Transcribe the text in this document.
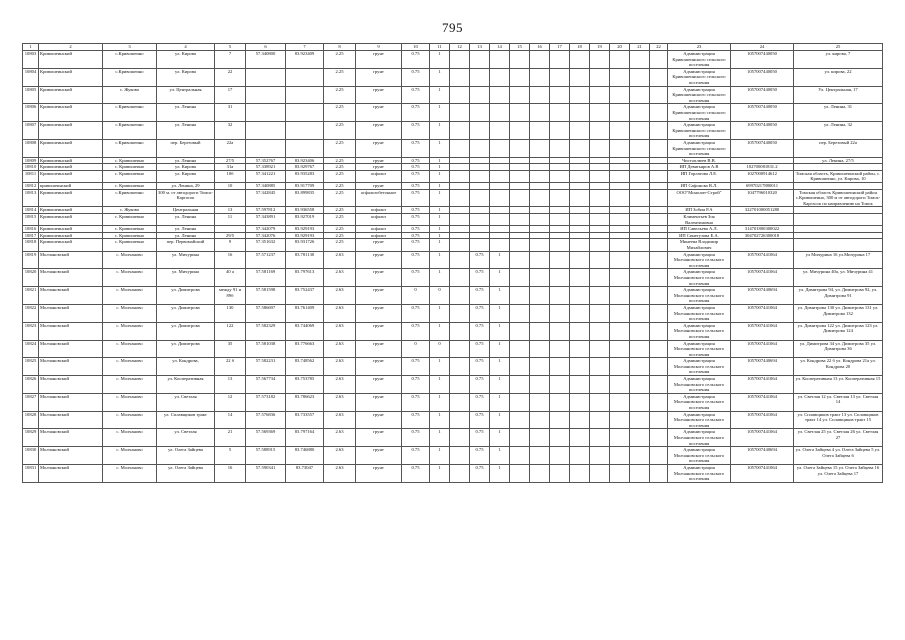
795
1	2	3	4	5	6	7	8	9	10	11	12	13	14	15	16	17	18	19	20	21	22	23	24	25
10803	Кривошеинский	с.Кривошеино	ул. Кирова	7	57.340800	83.923409	2.25	грунт	0.75	1												Администрация Кривошеинского сельского поселения	1057007440050	ул. кирова, 7
10804	Кривошеинский	с.Кривошеино	ул. Кирова	22			2.25	грунт	0.75	1												Администрация Кривошеинского сельского поселения	1057007440050	ул. кирова, 22
10805	Кривошеинский	с. Жуково	ул. Центральная	17			2.25	грунт	0.75	1												Администрация Кривошеинского сельского поселения	1057007440050	Ул. Центральная, 17
10806	Кривошеинский	с.Кривошеино	ул. Ленина	31			2.25	грунт	0.75	1												Администрация Кривошеинского сельского поселения	1057007440050	ул. Ленина, 31
10807	Кривошеинский	с.Кривошеино	ул. Ленина	32			2.25	грунт	0.75	1												Администрация Кривошеинского сельского поселения	1057007440050	ул. Ленина, 32
10808	Кривошеинский	с.Кривошеино	пер. Березовый	22а			2.25	грунт	0.75	1												Администрация Кривошеинского сельского поселения	1057007440050	пер. Березовый 22а
10809	Кривошеинский	с. Кривошеино	ул. Ленина	27/5	57.352767	83.923406	2.25	грунт	0.75	1												Чистоплюев В.В.		ул. Ленина, 27/5
10810	Кривошеинский	с. Кривошеино	ул. Кирова	31а	57.338921	83.929767	2.25	грунт	0.75	1												ИП Девятьяров А.В	102700081831.2	
10811	Кривошеинский	с. Кривошеино	ул. Кирова	10б	57.341221	83.935283	2.25	асфальт	0.75	1												ИП Горлатова Л.Е.	1027000914612	Томская область, Кривошеинский район, с. Кривошеино, ул. Кирова, 10
10812	кривошеинский	с. Кривошеино	ул. Ленина, 29	10	57.340885	83.917709	2.25	грунт	0.75	1												ИП Сафонова В.Л.	69970217880011	
10813	Кривошеинский	с.Кривошеино	300 м. от автодороги Томск-Каргасок		57.342845	83.899835	2.25	асфальтобетонное	0.75	1												ООО"Монолит-Строй"	1047796010320	Томская область Кривошеинский район с.Кривошеино, 300 м от автодороги Томск-Каргасок по направлению на Томск
10814	Кривошеинский	с. Жуково	Центральная	13	57.597812	83.936558	2.25	асфальт	0.75	1												ИП Зобин Р.А	322701000051280	
10815	Кривошеинский	с. Кривошеино	ул. Ленина	11	57.343891	83.927019	2.25	асфальт	0.75	1												Климентьев Зоя Валентиновна		
10816	Кривошеинский	с. Кривошеино	ул. Ленина		57.342079	83.929193	2.25	асфальт	0.75	1												ИП Савельева А.Л.	314701800300022	
10817	Кривошеинский	с. Кривошеино	ул. Ленина	29/5	57.342076	83.929193	2.25	асфальт	0.75	1												ИП Синегузова Е.А.	304702726300018	
10818	Кривошеинский	с. Кривошеино	пер. Первомайский	9	57.351632	83.931726	2.25	грунт	0.75	1												Минеева Владимир Михайлович		
10819	Молчановский	с. Молчаново	ул. Мичурина	16	57.571237	83.781130	2.63	грунт	0.75	1		0.75	1									Администрация Молчановского сельского поселения	1057007441064	ул Мичурина 16 ул.Мичурина 17
10820	Молчановский	с. Молчаново	ул. Мичурина	40 а	57.581169	83.797613	2.63	грунт	0.75	1		0.75	1									Администрация Молчановского сельского поселения	1057007441064	ул. Мичурина 40а, ул. Мичурина 41
10821	Молчановский	с. Молчаново	ул. Димитрова	между 91 и 89б	57.581598	83.752437	2.63	грунт	0	0		0.75	1									Администрация Молчановского сельского поселения	1057007440694	ул. Димитрова 94, ул. Димитрова 92, ул. Димитрова 91
10822	Молчановский	с. Молчаново	ул. Димитрова	130	57.586697	83.761409	2.63	грунт	0.75	1		0.75	1									Администрация Молчановского сельского поселения	1057007441064	ул. Димитрова 130 ул. Димитрова 131 ул. Димитрова 132
10823	Молчановский	с. Молчаново	ул. Димитрова	122	57.582329	83.744069	2.63	грунт	0.75	1		0.75	1									Администрация Молчановского сельского поселения	1057007441064	ул. Димитрова 122 ул. Димитрова 123 ул. Димитрова 124
10824	Молчановский	с. Молчаново	ул. Димитрова	35	57.581038	83.776663	2.63	грунт	0	0		0.75	1									Администрация Молчановского сельского поселения	1057007441064	ул. Димитрова 34 ул. Димитрова 35 ул. Димитрова 36
10825	Молчановский	с. Молчаново	ул. Кондрова,	22 б	57.582231	83.748562	2.63	грунт	0.75	1		0.75	1									Администрация Молчановского сельского поселения	1057007440694	ул. Кондрова 22 б ул. Кондрова 21а ул. Кондрова 20
10826	Молчановский	с. Молчаново	ул. Кооперативная	13	57.567734	83.753785	2.63	грунт	0.75	1		0.75	1									Администрация Молчановского сельского поселения	1057007441064	ул. Кооперативная 13 ул. Кооперативная 15
10827	Молчановский	с. Молчаново	ул. Светлая	12	57.573182	83.786623	2.63	грунт	0.75	1		0.75	1									Администрация Молчановского сельского поселения	1057007441064	ул. Светлая 12 ул. Светлая 13 ул. Светлая 14
10828	Молчановский	с. Молчаново	ул. Сплавщиков тракт	14	57.576836	83.733557	2.63	грунт	0.75	1		0.75	1									Администрация Молчановского сельского поселения	1057007441064	ул. Сплавщиков тракт 13 ул. Сплавщиков тракт 14 ул. Сплавщиков тракт 15
10829	Молчановский	с. Молчаново	ул. Светлая	21	57.569369	83.797164	2.63	грунт	0.75	1		0.75	1									Администрация Молчановского сельского поселения	1057007441064	ул. Светлая 25 ул. Светлая 26 ул. Светлая 27
10830	Молчановский	с. Молчаново	ул. Олега Зайцева	5	57.588915	83.746880	2.63	грунт	0.75	1		0.75	1									Администрация Молчановского сельского поселения	1057007440694	ул. Олега Зайцева 4 ул. Олега Зайцева 5 ул. Олега Зайцева 6
10831	Молчановский	с. Молчаново	ул. Олега Зайцева	16	57.590341	83.73047	2.63	грунт	0.75	1		0.75	1									Администрация Молчановского сельского поселения	1057007441064	ул. Олега Зайцева 15 ул. Олега Зайцева 16 ул. Олега Зайцева 17
